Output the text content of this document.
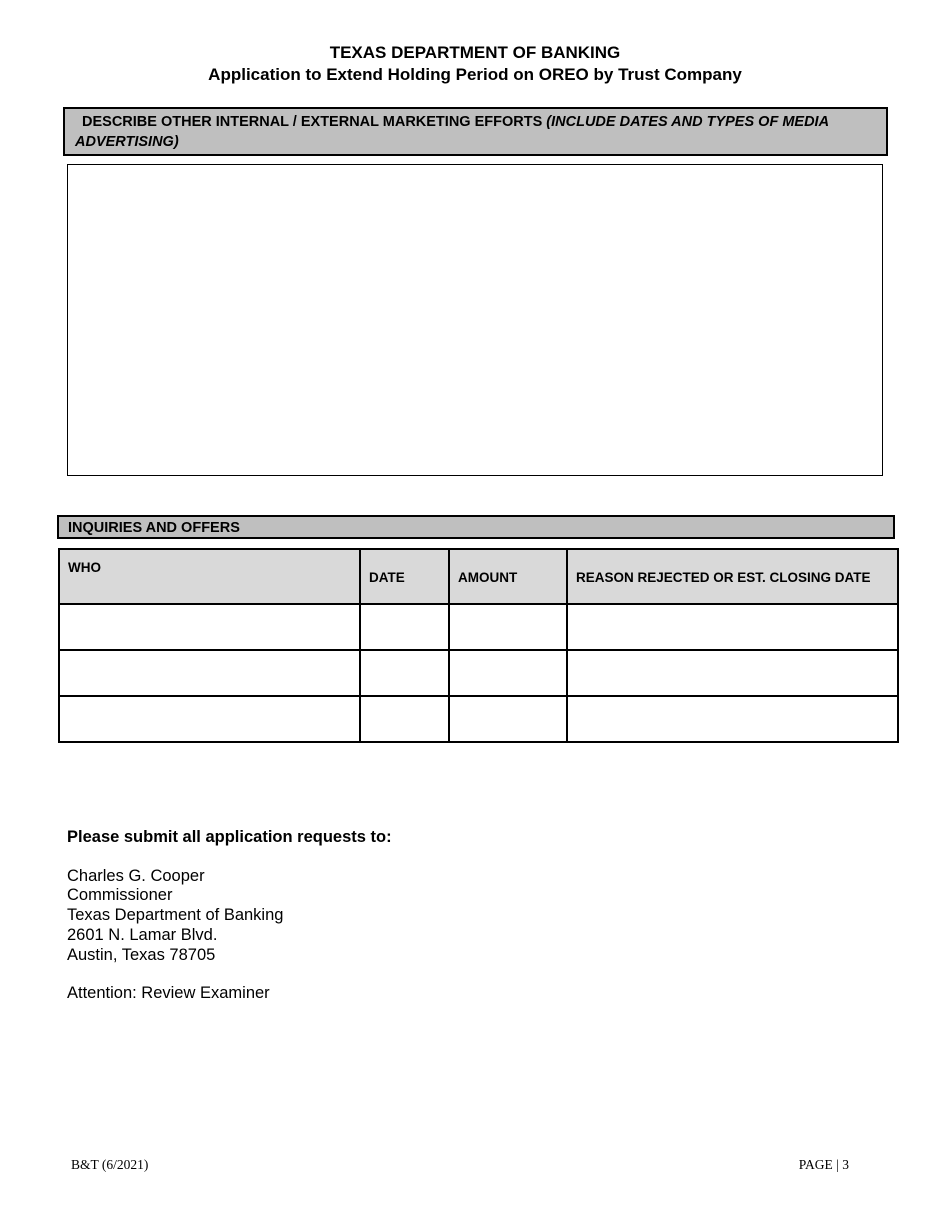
TEXAS DEPARTMENT OF BANKING
Application to Extend Holding Period on OREO by Trust Company
DESCRIBE OTHER INTERNAL / EXTERNAL MARKETING EFFORTS (INCLUDE DATES AND TYPES OF MEDIA ADVERTISING)
INQUIRIES AND OFFERS
WHO	DATE	AMOUNT	REASON REJECTED OR EST. CLOSING DATE

Please submit all application requests to:
Charles G. Cooper
Commissioner
Texas Department of Banking
2601 N. Lamar Blvd.
Austin, Texas 78705
Attention: Review Examiner
B&T (6/2021)	PAGE | 3
